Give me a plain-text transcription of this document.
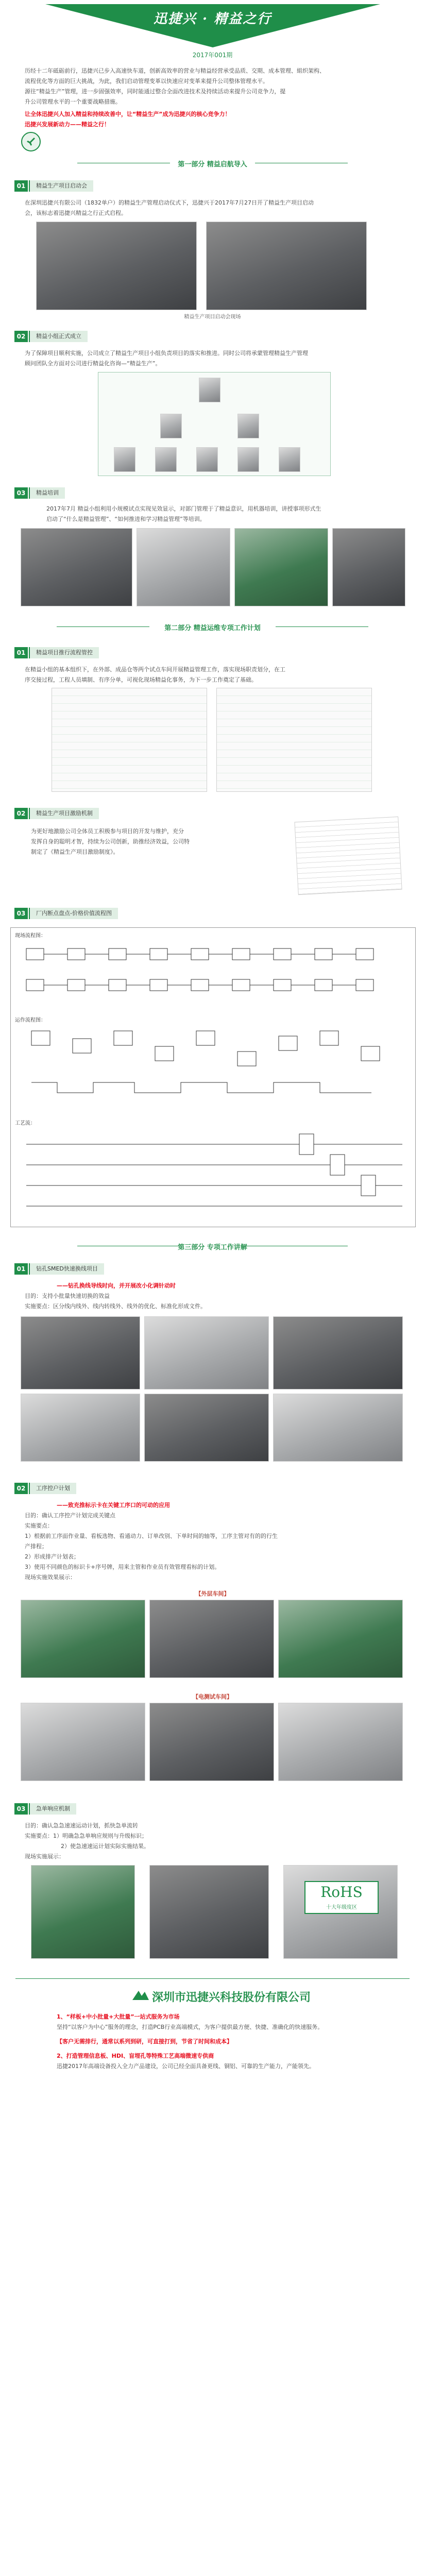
迅捷兴 · 精益之行
2017年001期
历经十二年砥砺前行，迅捷兴已步入高速快车道，创新高效率的营业与精益经营承受品质、交期、成本管理、組织架构、
流程优化等方面的巨大挑战，为此，我们启动管理变革以快速应对变革来提升公司整体管理水平。
源往“精益生产”管理，进一步固强效率，同时能通过整合全面改进技术及持续活动来提升公司竞争力，提
升公司管理水平的一个重要战略措施。
让全体迅捷兴人加入精益和持续改善中，让“精益生产”成为迅捷兴的核心竞争力！
迅捷兴发展新动力——精益之行！
第一部分 精益启航导入
01	精益生产项目启动会
在深圳迅捷兴有限公司（1832单户）的精益生产管理启动仪式下，迅捷兴于2017年7月27日开了精益生产项目启动
会，该标志着迅捷兴精益之行正式启程。
精益生产项目启动会现场
02	精益小组正式成立
为了保障项目顺利实施，公司成立了精益生产项目小组负责项目的落实和推进。同时公司将承蒙管理精益生产管理
顾问团队全方面对公司进行精益化咨询—“精益生产”。
03	精益培训
2017年7月 精益小组利用小规模试点实现见效显示，对部门管理于了精益意识，用机器培训，讲授事项形式生
启动了“什么是精益管理”、“如何推进和学习精益管理”等培训。
第二部分 精益运维专项工作计划
01	精益项目推行流程管控
在精益小组的基本组织下，在外部、成品仓等两个试点车间开展精益管理工作，落实现场职责划分，在工
序交接过程，工程人员填制、有序分单，可视化现场精益化事务，为下一步工作奠定了基础。
02	精益生产项目激励机制
为更好地激励公司全体员工积极参与项目的开发与维护，充分
发挥自身的聪明才智，持续为公司创新，助推经济效益，公司特
制定了《精益生产项目激励制度》。
03	厂内断点盘点-价格价值流程图
现场流程图：
运作流程图：
工艺流：
第三部分 专项工作讲解
01	钻孔SMED快速换线项目
——钻孔换线导线时向，并开展改小化调针动时
目的：支持小批量快速切换的效益
实施要点：区分线内线外、线内转线外、线外的优化、标准化形成文件。
02	工序控户计划
——致充推标示卡在关键工序口的可动的应用
目的：确认工序控产计划完成关键点
实施要点：
1）根据前工序面作业量、看板选物、看通动力、订单改别、下单时间的轴等，工序主管对有的的行生
产排程；
2）形成排产计划表；
3）使用不同颜色的标识卡+序号牌，用来主管和作业员有效管理看标的计划。
现场实施效果展示：
【外层车间】
【电测试车间】
03	急单响应机制
目的：确认急急速速运动计划，抓快急单流转
实施要点：1）明确急急单响应规则与升级标识；
2）使急速速运计划实际实施结果。
现场实施展示：
RoHS
十大年级度区
深圳市迅捷兴科技股份有限公司
1、“样板+中小批量+大批量”一站式服务为市场
坚持“以客户为中心”服务的理念，打造PCB行业高端模式，为客户提供最方便、快捷、准确化的快速服务。
【客户无需排行，通常以系列到研，可直接打到，节省了时间和成本】
2、打造管理信息板、HDI、盲埋孔等特殊工艺高端微速专供商
迅捷2017年高端设备投入全力产品建设，公司已经全面具备更线、铜铝、可靠的生产能力，产能领先。
